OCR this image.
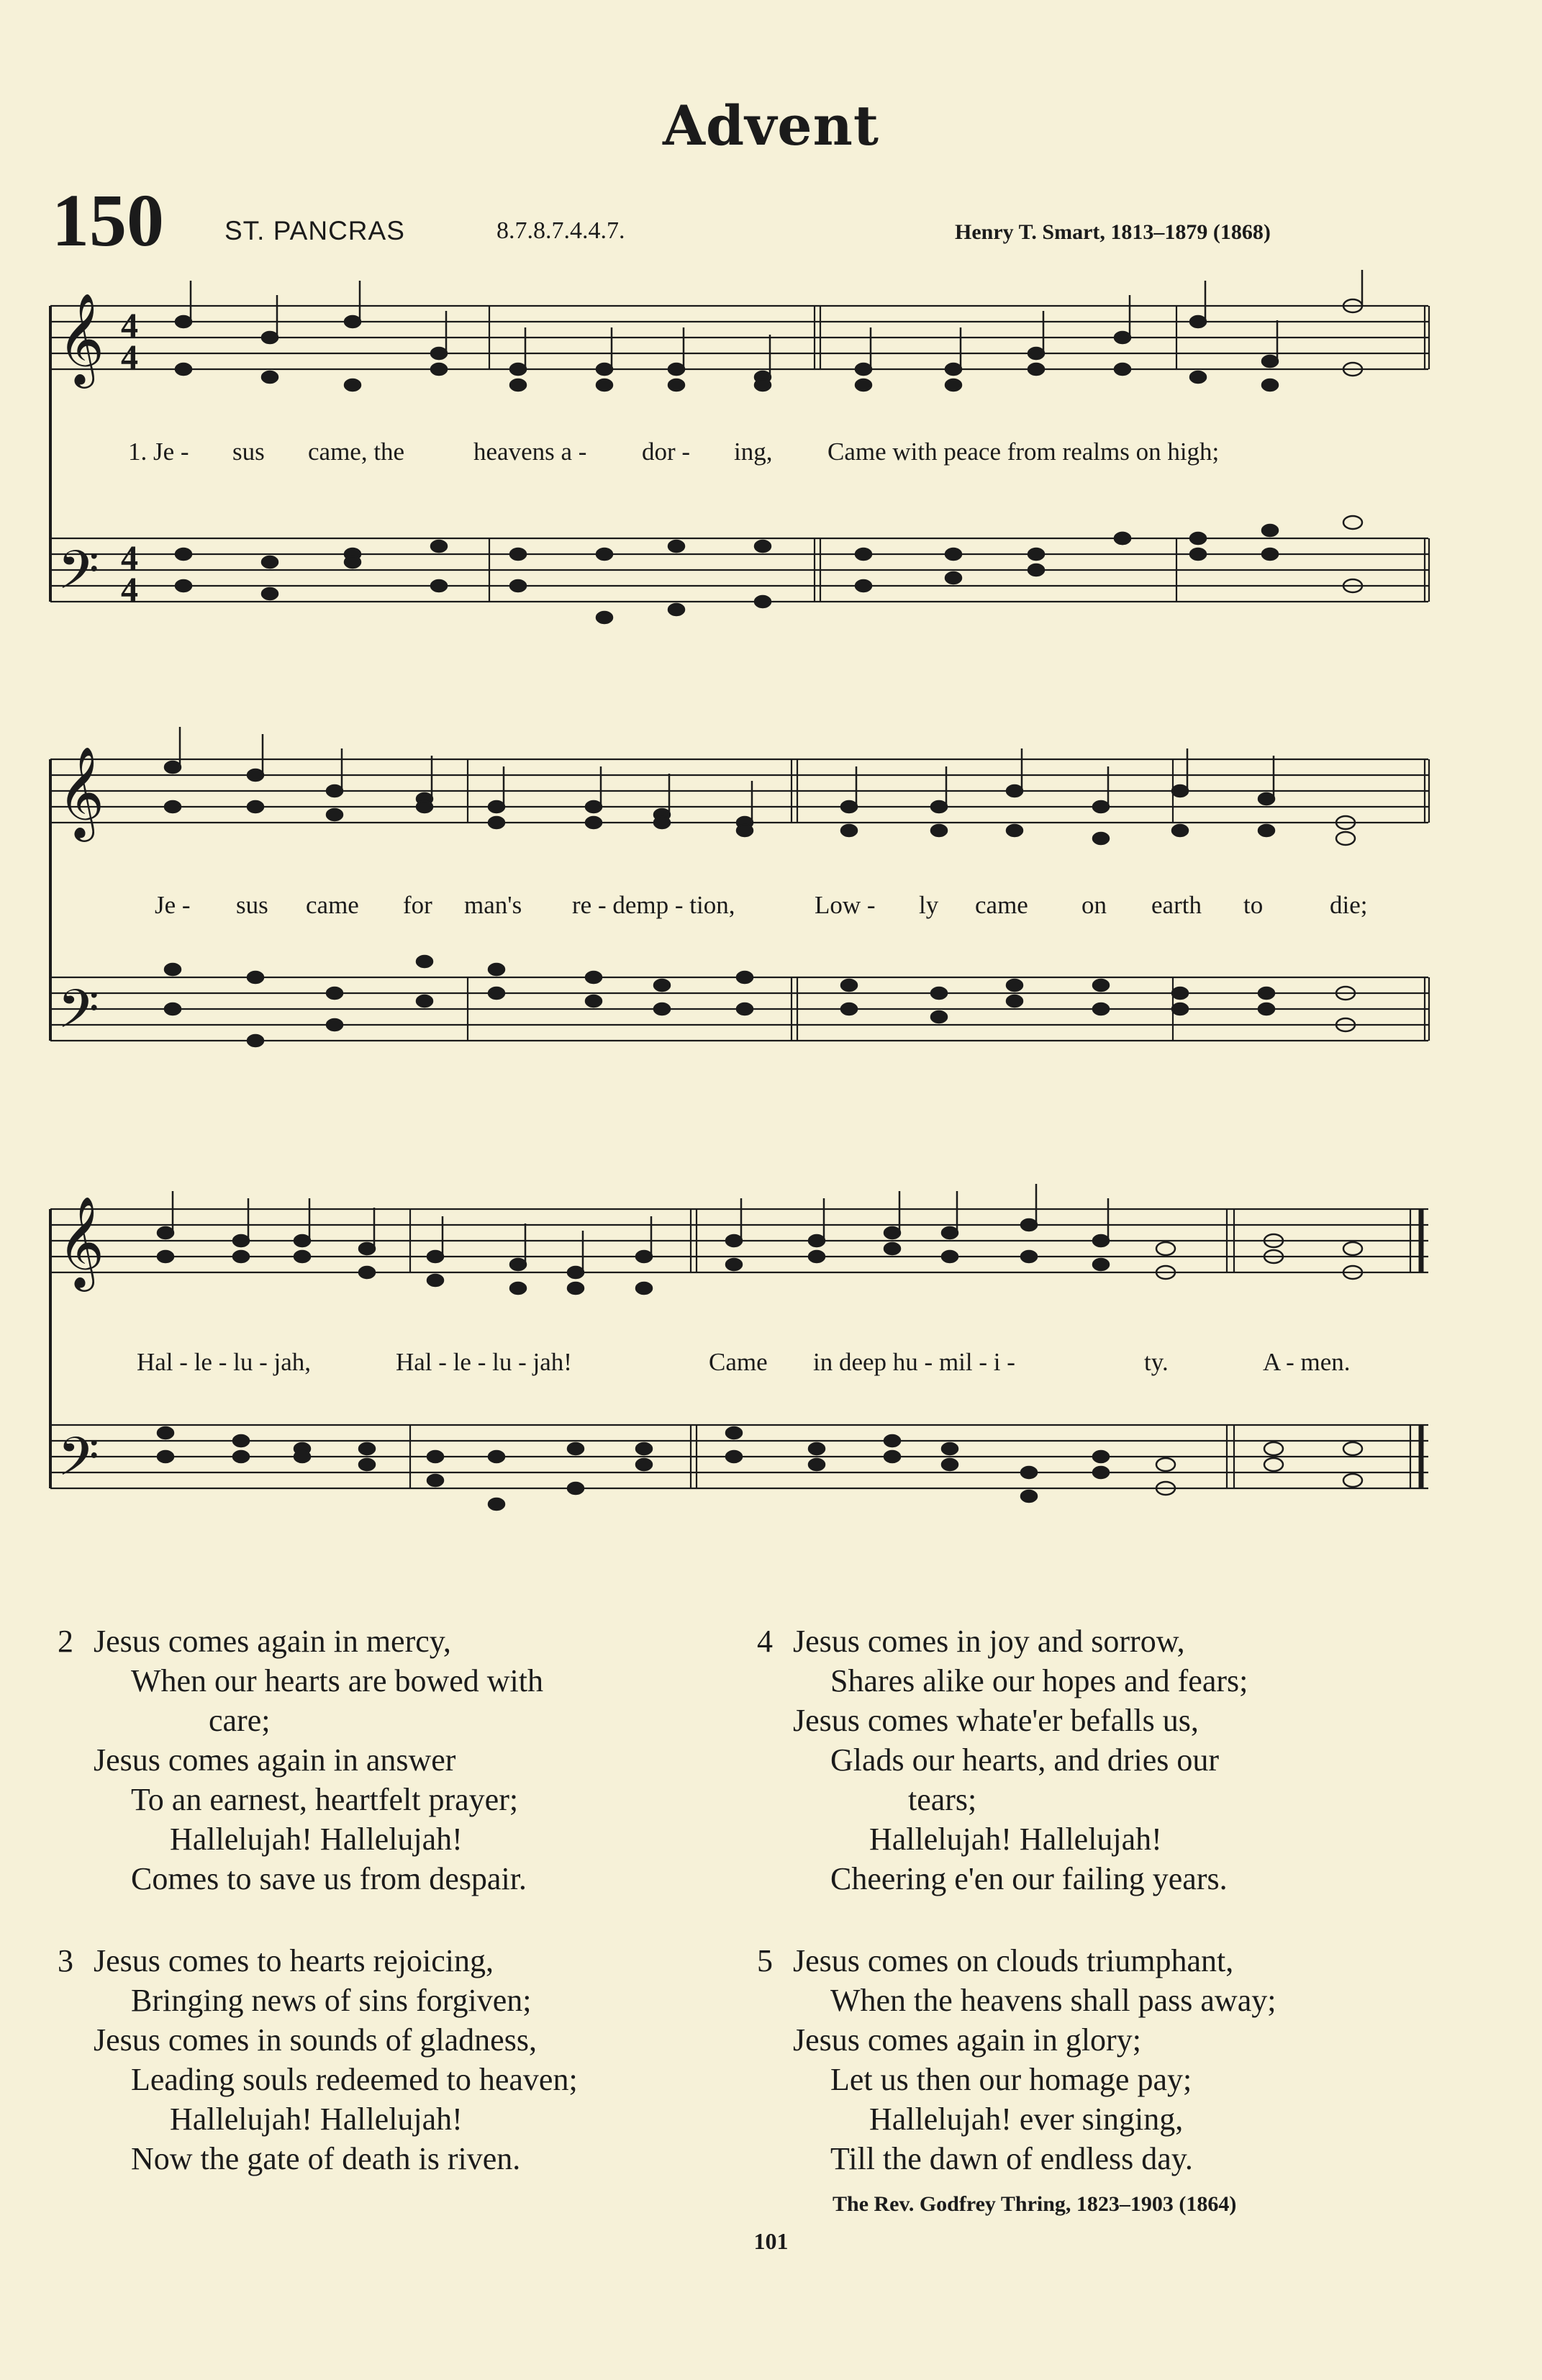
Advent
150 ST. PANCRAS	8.7.8.7.4.4.7.	Henry T. Smart, 1813–1879 (1868)
𝄞
𝄢
𝄞
𝄢
𝄞
𝄢
4
4
4
4
1. Je - sus came, the	heavens a - dor - ing, Came with peace from realms on high;
Je - sus came for man's re - demp - tion,	Low - ly came on earth to	die;
Hal - le - lu - jah,	Hal - le - lu - jah!	Came in deep hu - mil - i -	ty.	A - men.
2 Jesus comes again in mercy,
When our hearts are bowed with
care;
Jesus comes again in answer
To an earnest, heartfelt prayer;
Hallelujah! Hallelujah!
Comes to save us from despair.
3 Jesus comes to hearts rejoicing,
Bringing news of sins forgiven;
Jesus comes in sounds of gladness,
Leading souls redeemed to heaven;
Hallelujah! Hallelujah!
Now the gate of death is riven.
4 Jesus comes in joy and sorrow,
Shares alike our hopes and fears;
Jesus comes whate'er befalls us,
Glads our hearts, and dries our
tears;
Hallelujah! Hallelujah!
Cheering e'en our failing years.
5 Jesus comes on clouds triumphant,
When the heavens shall pass away;
Jesus comes again in glory;
Let us then our homage pay;
Hallelujah! ever singing,
Till the dawn of endless day.
The Rev. Godfrey Thring, 1823–1903 (1864)
101
